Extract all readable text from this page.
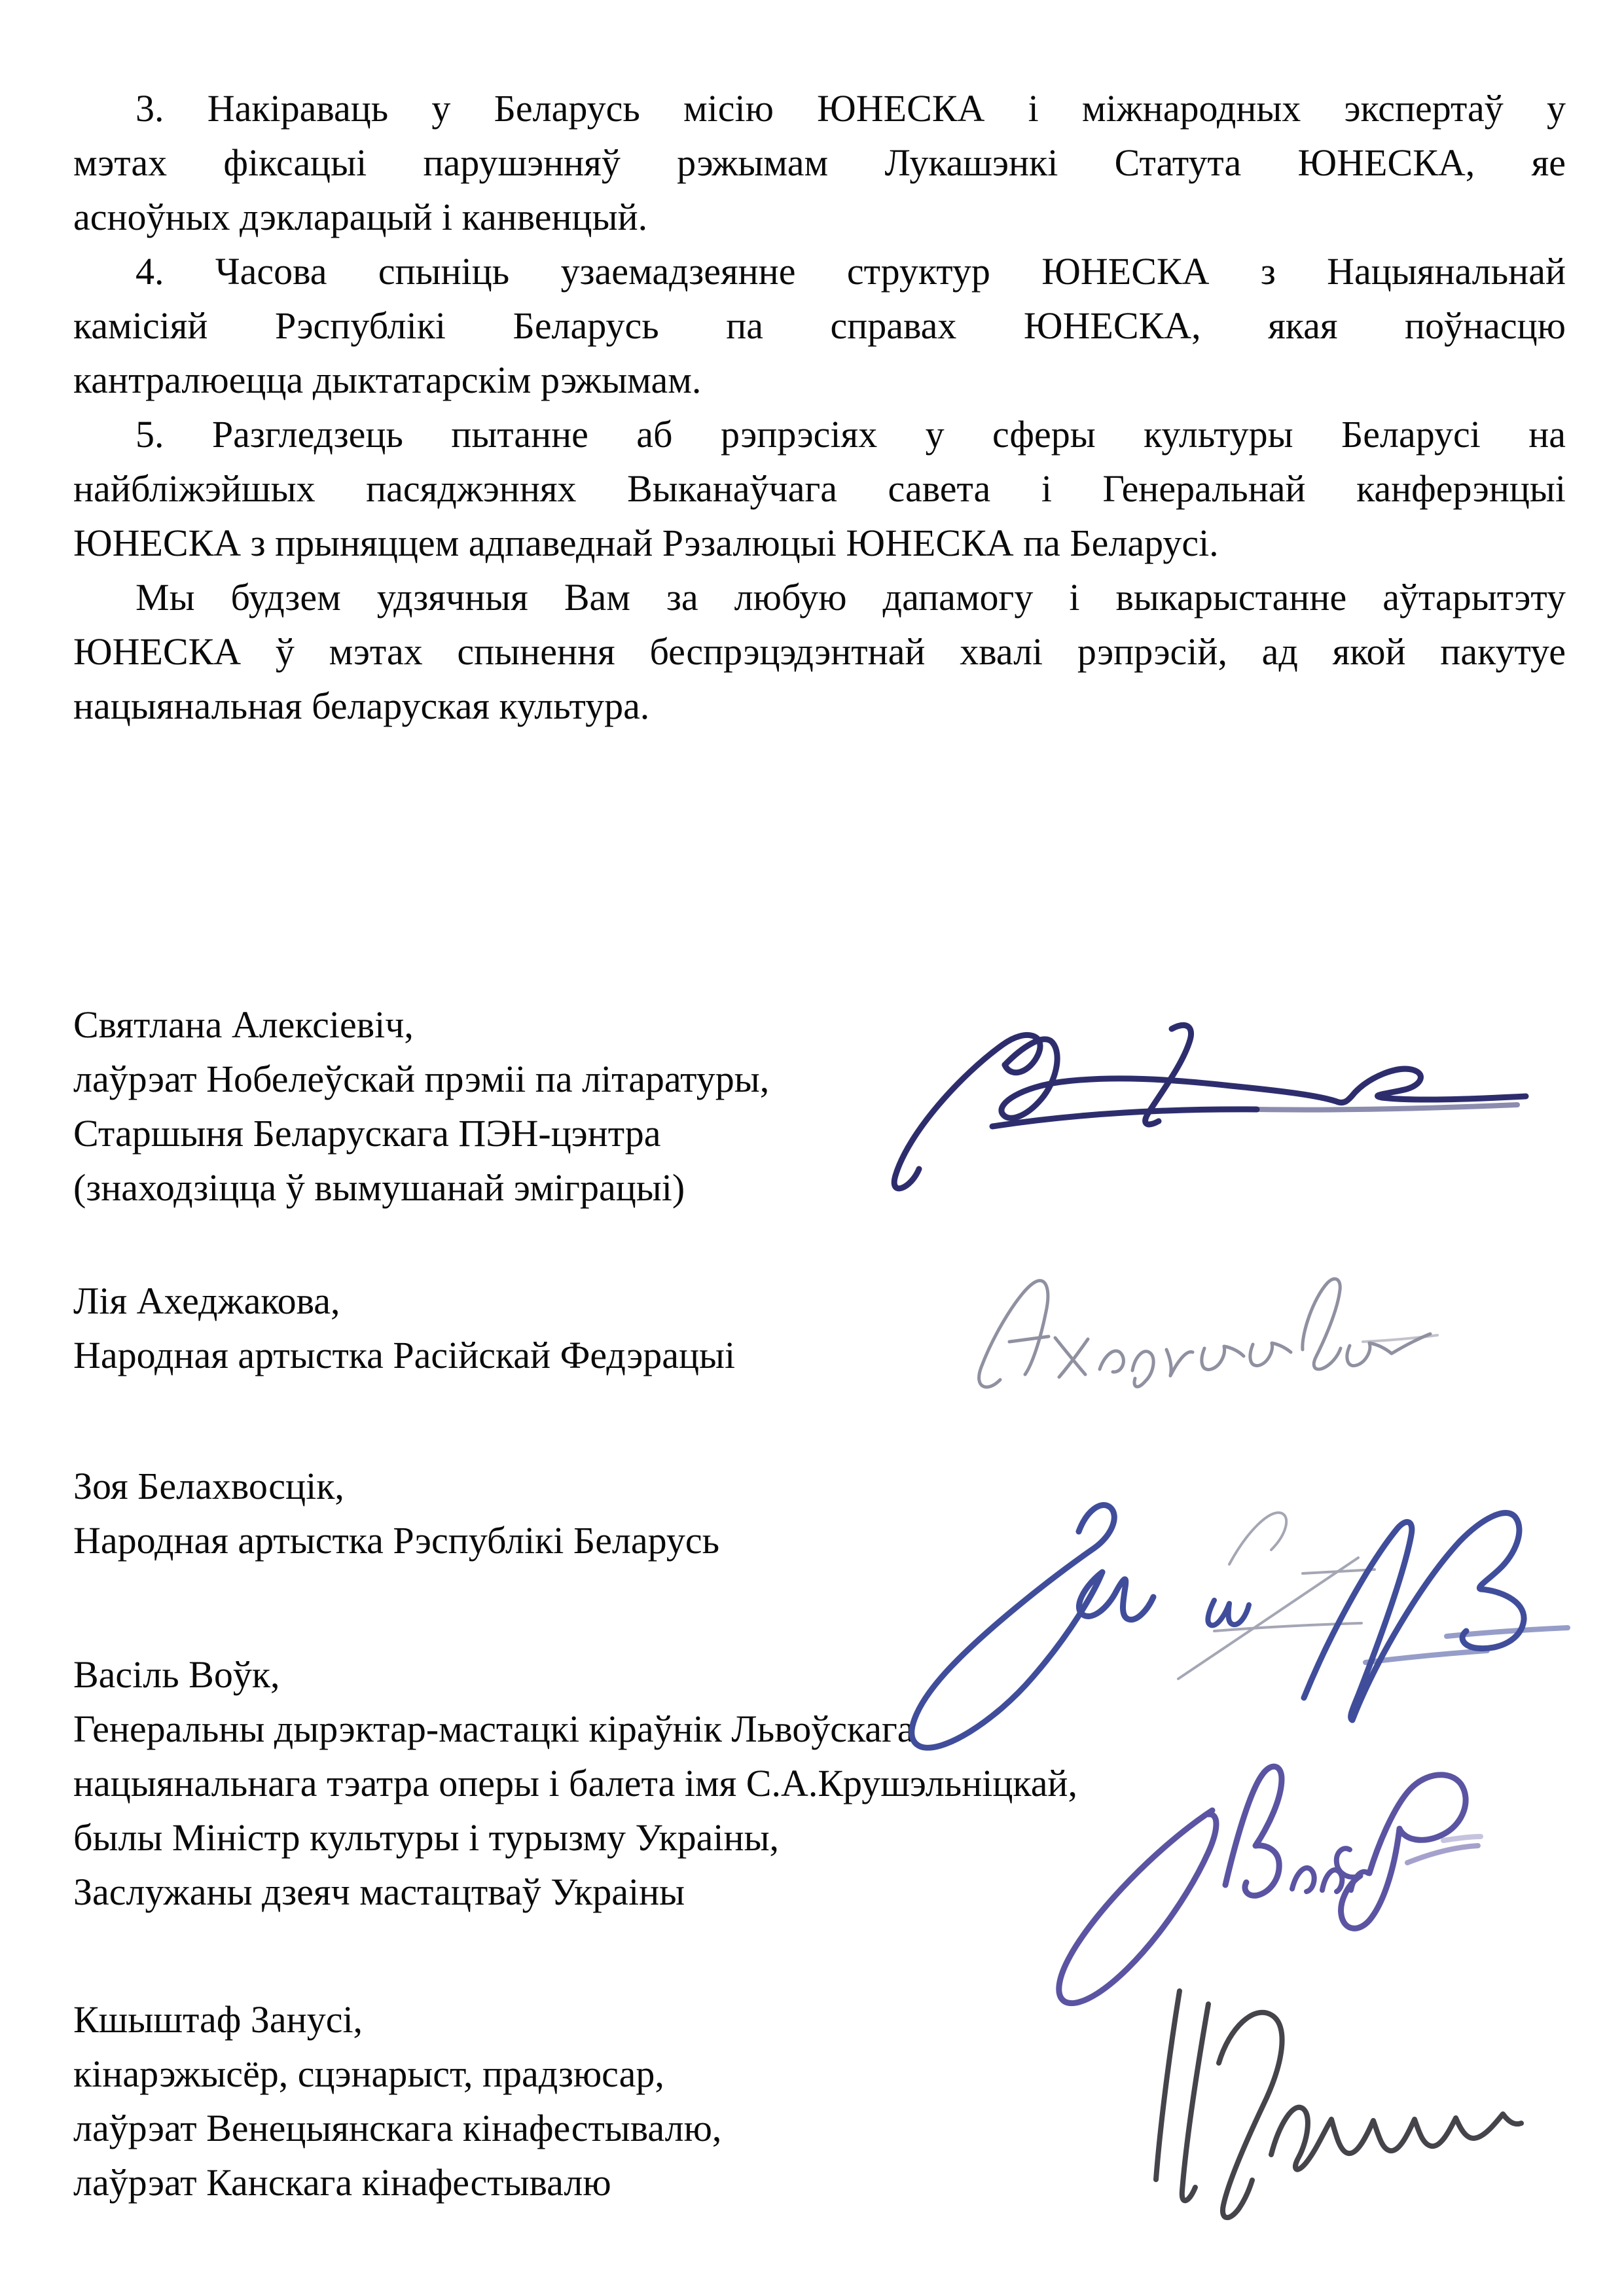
3. Накіраваць у Беларусь місію ЮНЕСКА і міжнародных экспертаў у
мэтах фіксацыі парушэнняў рэжымам Лукашэнкі Статута ЮНЕСКА, яе
асноўных дэкларацый і канвенцый.
4. Часова спыніць узаемадзеянне структур ЮНЕСКА з Нацыянальнай
камісіяй Рэспублікі Беларусь па справах ЮНЕСКА, якая поўнасцю
кантралюецца дыктатарскім рэжымам.
5. Разгледзець пытанне аб рэпрэсіях у сферы культуры Беларусі на
найбліжэйшых пасяджэннях Выканаўчага савета і Генеральнай канферэнцыі
ЮНЕСКА з прыняццем адпаведнай Рэзалюцыі ЮНЕСКА па Беларусі.
Мы будзем удзячныя Вам за любую дапамогу і выкарыстанне аўтарытэту
ЮНЕСКА ў мэтах спынення беспрэцэдэнтнай хвалі рэпрэсій, ад якой пакутуе
нацыянальная беларуская культура.
Святлана Алексіевіч,
лаўрэат Нобелеўскай прэміі па літаратуры,
Старшыня Беларускага ПЭН-цэнтра
(знаходзіцца ў вымушанай эміграцыі)
Лія Ахеджакова,
Народная артыстка Расійскай Федэрацыі
Зоя Белахвосцік,
Народная артыстка Рэспублікі Беларусь
Васіль Воўк,
Генеральны дырэктар-мастацкі кіраўнік Львоўскага
нацыянальнага тэатра оперы і балета імя С.А.Крушэльніцкай,
былы Міністр культуры і турызму Украіны,
Заслужаны дзеяч мастацтваў Украіны
Кшыштаф Занусі,
кінарэжысёр, сцэнарыст, прадзюсар,
лаўрэат Венецыянскага кінафестывалю,
лаўрэат Канскага кінафестывалю
